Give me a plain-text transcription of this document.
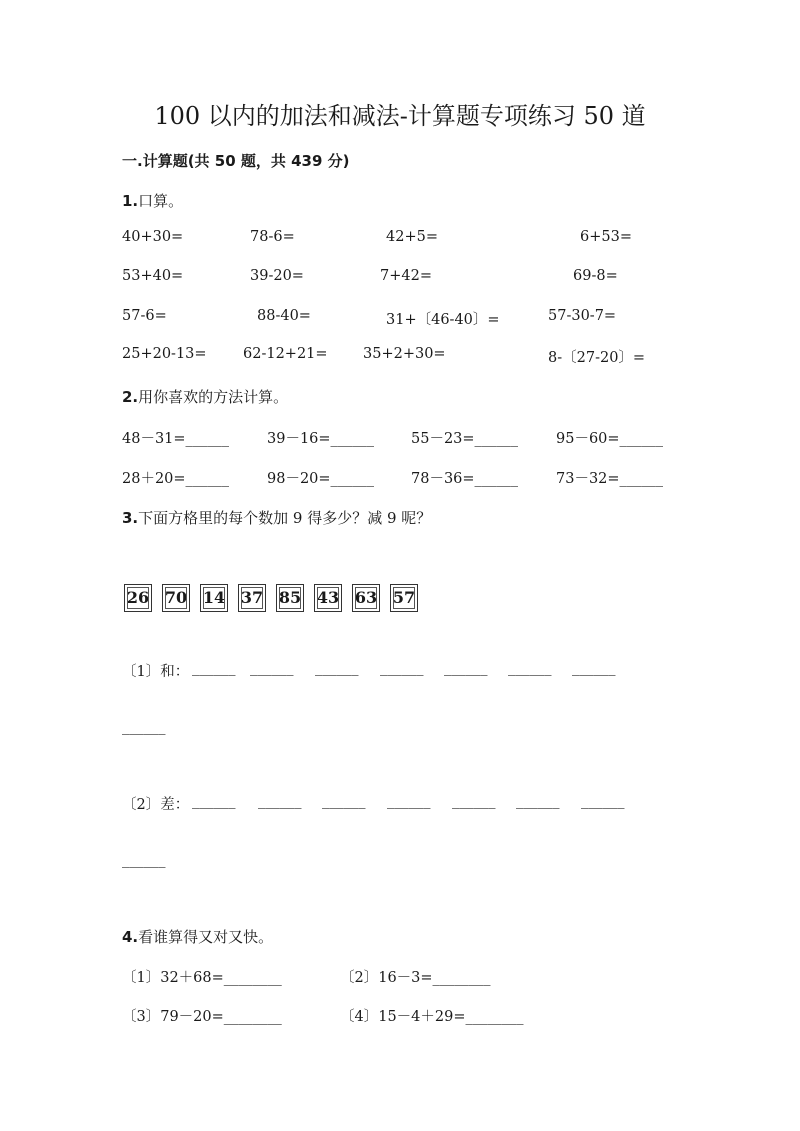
100 以内的加法和减法-计算题专项练习 50 道
一.计算题(共 50 题，共 439 分)
1.口算。
40+30=	78-6=	42+5=	6+53=
53+40=	39-20=	7+42=	69-8=
57-6=	88-40=	31+〔46-40〕=	57-30-7=
25+20-13=	62-12+21= 35+2+30=	8-〔27-20〕=
2.用你喜欢的方法计算。
48－31=______	39－16=______	55－23=______	95－60=______
28＋20=______	98－20=______	78－36=______	73－32=______
3.下面方格里的每个数加 9 得多少？减 9 呢？
26 70 14 37 85 43 63 57
〔1〕和： ______ ______ ______ ______ ______ ______ ______
______
〔2〕差： ______ ______ ______ ______ ______ ______ ______
______
4.看谁算得又对又快。
〔1〕32＋68=________	〔2〕16－3=________
〔3〕79－20=________	〔4〕15－4＋29=________
